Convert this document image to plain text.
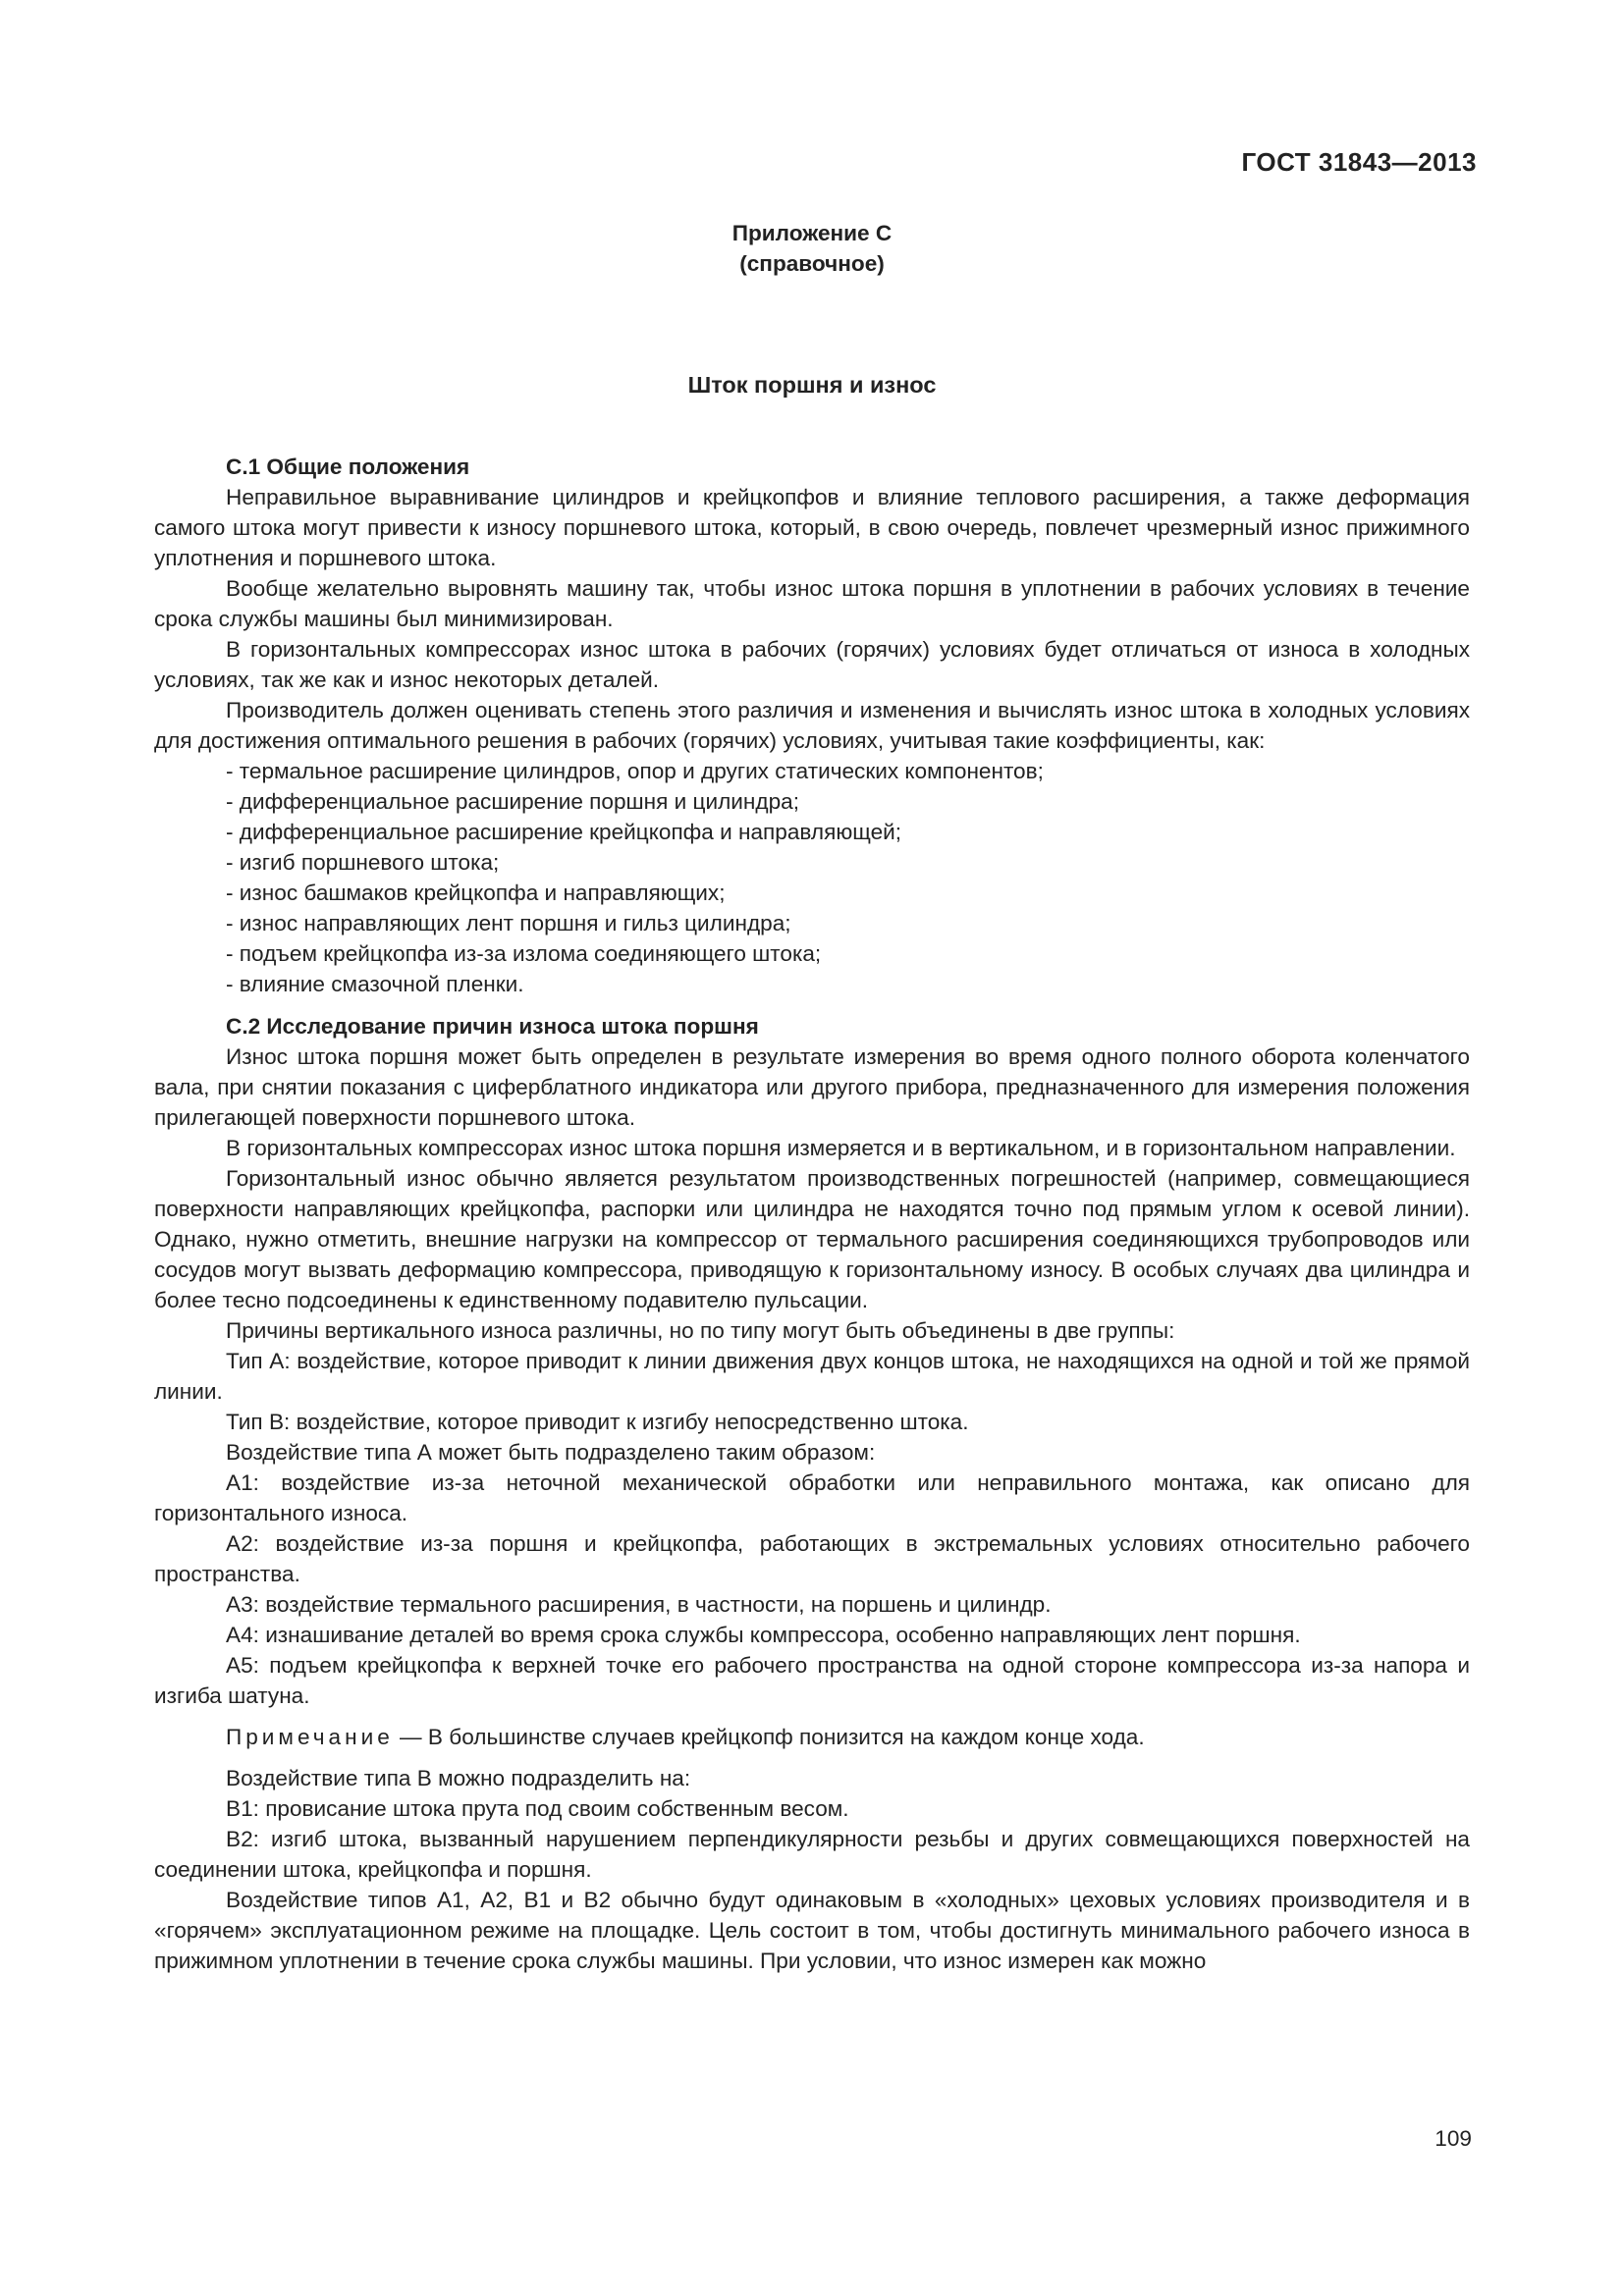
ГОСТ 31843—2013
Приложение С
(справочное)
Шток поршня и износ
С.1 Общие положения

Неправильное выравнивание цилиндров и крейцкопфов и влияние теплового расширения, а также деформация самого штока могут привести к износу поршневого штока, который, в свою очередь, повлечет чрезмерный износ прижимного уплотнения и поршневого штока.

Вообще желательно выровнять машину так, чтобы износ штока поршня в уплотнении в рабочих условиях в течение срока службы машины был минимизирован.

В горизонтальных компрессорах износ штока в рабочих (горячих) условиях будет отличаться от износа в холодных условиях, так же как и износ некоторых деталей.

Производитель должен оценивать степень этого различия и изменения и вычислять износ штока в холодных условиях для достижения оптимального решения в рабочих (горячих) условиях, учитывая такие коэффициенты, как:

- термальное расширение цилиндров, опор и других статических компонентов;
- дифференциальное расширение поршня и цилиндра;
- дифференциальное расширение крейцкопфа и направляющей;
- изгиб поршневого штока;
- износ башмаков крейцкопфа и направляющих;
- износ направляющих лент поршня и гильз цилиндра;
- подъем крейцкопфа из-за излома соединяющего штока;
- влияние смазочной пленки.
С.2 Исследование причин износа штока поршня

Износ штока поршня может быть определен в результате измерения во время одного полного оборота коленчатого вала, при снятии показания с циферблатного индикатора или другого прибора, предназначенного для измерения положения прилегающей поверхности поршневого штока.

В горизонтальных компрессорах износ штока поршня измеряется и в вертикальном, и в горизонтальном направлении.

Горизонтальный износ обычно является результатом производственных погрешностей (например, совмещающиеся поверхности направляющих крейцкопфа, распорки или цилиндра не находятся точно под прямым углом к осевой линии). Однако, нужно отметить, внешние нагрузки на компрессор от термального расширения соединяющихся трубопроводов или сосудов могут вызвать деформацию компрессора, приводящую к горизонтальному износу. В особых случаях два цилиндра и более тесно подсоединены к единственному подавителю пульсации.

Причины вертикального износа различны, но по типу могут быть объединены в две группы:

Тип А: воздействие, которое приводит к линии движения двух концов штока, не находящихся на одной и той же прямой линии.

Тип В: воздействие, которое приводит к изгибу непосредственно штока.

Воздействие типа А может быть подразделено таким образом:

А1: воздействие из-за неточной механической обработки или неправильного монтажа, как описано для горизонтального износа.

А2: воздействие из-за поршня и крейцкопфа, работающих в экстремальных условиях относительно рабочего пространства.

А3: воздействие термального расширения, в частности, на поршень и цилиндр.

А4: изнашивание деталей во время срока службы компрессора, особенно направляющих лент поршня.

А5: подъем крейцкопфа к верхней точке его рабочего пространства на одной стороне компрессора из-за напора и изгиба шатуна.

Примечание — В большинстве случаев крейцкопф понизится на каждом конце хода.

Воздействие типа В можно подразделить на:

В1: провисание штока прута под своим собственным весом.

В2: изгиб штока, вызванный нарушением перпендикулярности резьбы и других совмещающихся поверхностей на соединении штока, крейцкопфа и поршня.

Воздействие типов А1, А2, В1 и В2 обычно будут одинаковым в «холодных» цеховых условиях производителя и в «горячем» эксплуатационном режиме на площадке. Цель состоит в том, чтобы достигнуть минимального рабочего износа в прижимном уплотнении в течение срока службы машины. При условии, что износ измерен как можно

109
